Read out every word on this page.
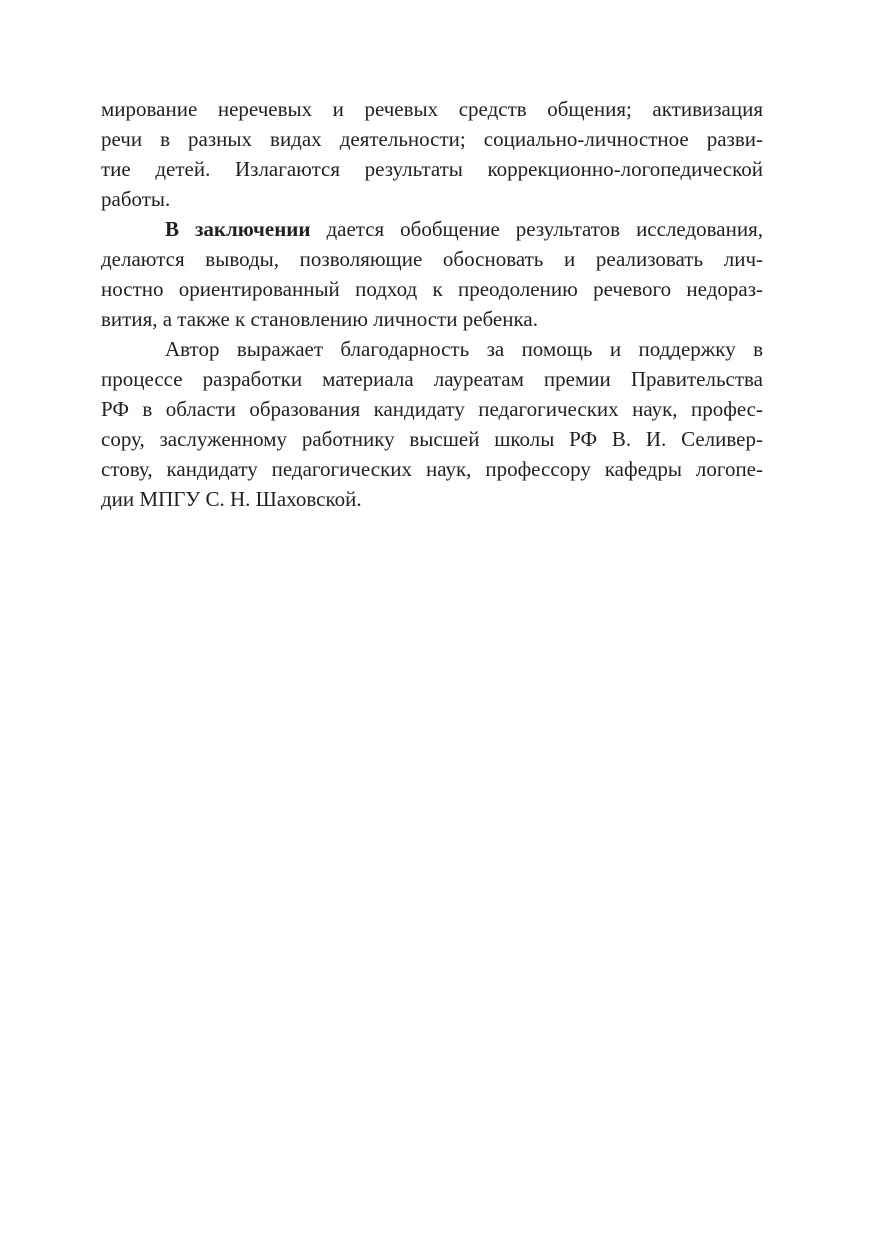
мирование неречевых и речевых средств общения; активизация
речи в разных видах деятельности; социально-личностное разви-
тие детей. Излагаются результаты коррекционно-логопедической
работы.
В заключении дается обобщение результатов исследования,
делаются выводы, позволяющие обосновать и реализовать лич-
ностно ориентированный подход к преодолению речевого недораз-
вития, а также к становлению личности ребенка.
Автор выражает благодарность за помощь и поддержку в
процессе разработки материала лауреатам премии Правительства
РФ в области образования кандидату педагогических наук, профес-
сору, заслуженному работнику высшей школы РФ В. И. Селивер-
стову, кандидату педагогических наук, профессору кафедры логопе-
дии МПГУ С. Н. Шаховской.
